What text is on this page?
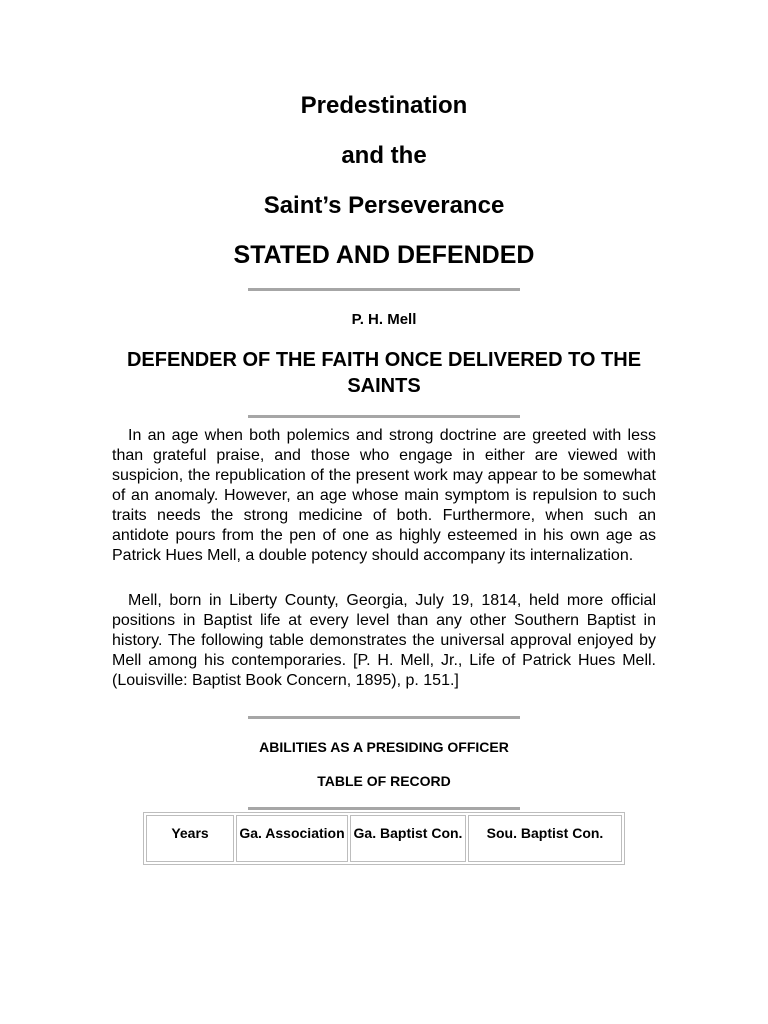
Predestination
and the
Saint’s Perseverance
STATED AND DEFENDED
P. H. Mell
DEFENDER OF THE FAITH ONCE DELIVERED TO THE SAINTS

In an age when both polemics and strong doctrine are greeted with less than grateful praise, and those who engage in either are viewed with suspicion, the republication of the present work may appear to be somewhat of an anomaly. However, an age whose main symptom is repulsion to such traits needs the strong medicine of both. Furthermore, when such an antidote pours from the pen of one as highly esteemed in his own age as Patrick Hues Mell, a double potency should accompany its internalization.

Mell, born in Liberty County, Georgia, July 19, 1814, held more official positions in Baptist life at every level than any other Southern Baptist in history. The following table demonstrates the universal approval enjoyed by Mell among his contemporaries. [P. H. Mell, Jr., Life of Patrick Hues Mell. (Louisville: Baptist Book Concern, 1895), p. 151.]

ABILITIES AS A PRESIDING OFFICER
TABLE OF RECORD
Years	Ga. Association Ga. Baptist Con.	Sou. Baptist Con.
